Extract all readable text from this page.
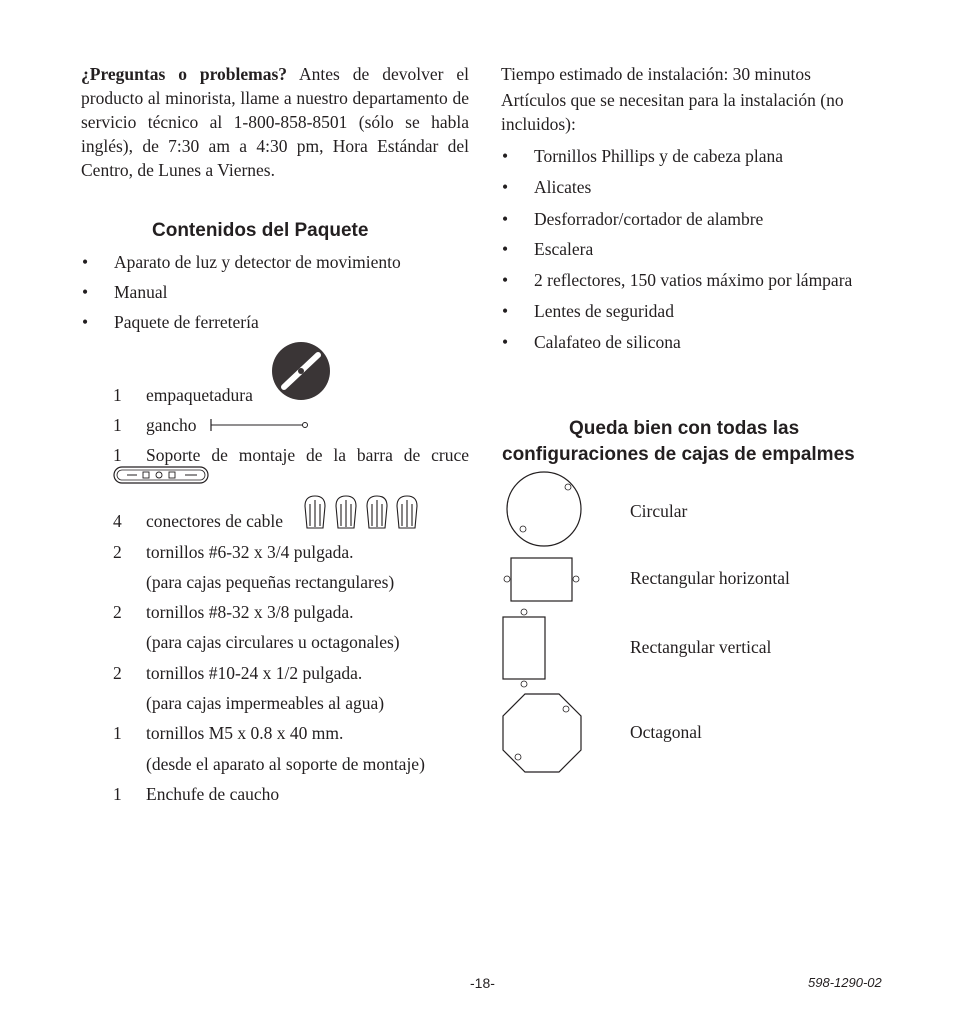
¿Preguntas o problemas? Antes de devolver el producto al minorista, llame a nuestro departamento de servicio técnico al 1-800-858-8501 (sólo se habla inglés), de 7:30 am a 4:30 pm, Hora Estándar del Centro, de Lunes a Viernes.
Contenidos del Paquete
• Aparato de luz y detector de movimiento
• Manual
• Paquete de ferretería
1 empaquetadura
1 gancho
1 Soporte de montaje de la barra de cruce
4 conectores de cable
2 tornillos #6-32 x 3/4 pulgada.
(para cajas pequeñas rectangulares)
2 tornillos #8-32 x 3/8 pulgada.
(para cajas circulares u octagonales)
2 tornillos #10-24 x 1/2 pulgada.
(para cajas impermeables al agua)
1 tornillos M5 x 0.8 x 40 mm.
(desde el aparato al soporte de montaje)
1 Enchufe de caucho
Tiempo estimado de instalación: 30 minutos
Artículos que se necesitan para la instalación (no incluidos):
• Tornillos Phillips y de cabeza plana
• Alicates
• Desforrador/cortador de alambre
• Escalera
• 2 reflectores, 150 vatios máximo por lámpara
• Lentes de seguridad
• Calafateo de silicona
Queda bien con todas las
configuraciones de cajas de empalmes
Circular
Rectangular horizontal
Rectangular vertical
Octagonal
-18-	598-1290-02
